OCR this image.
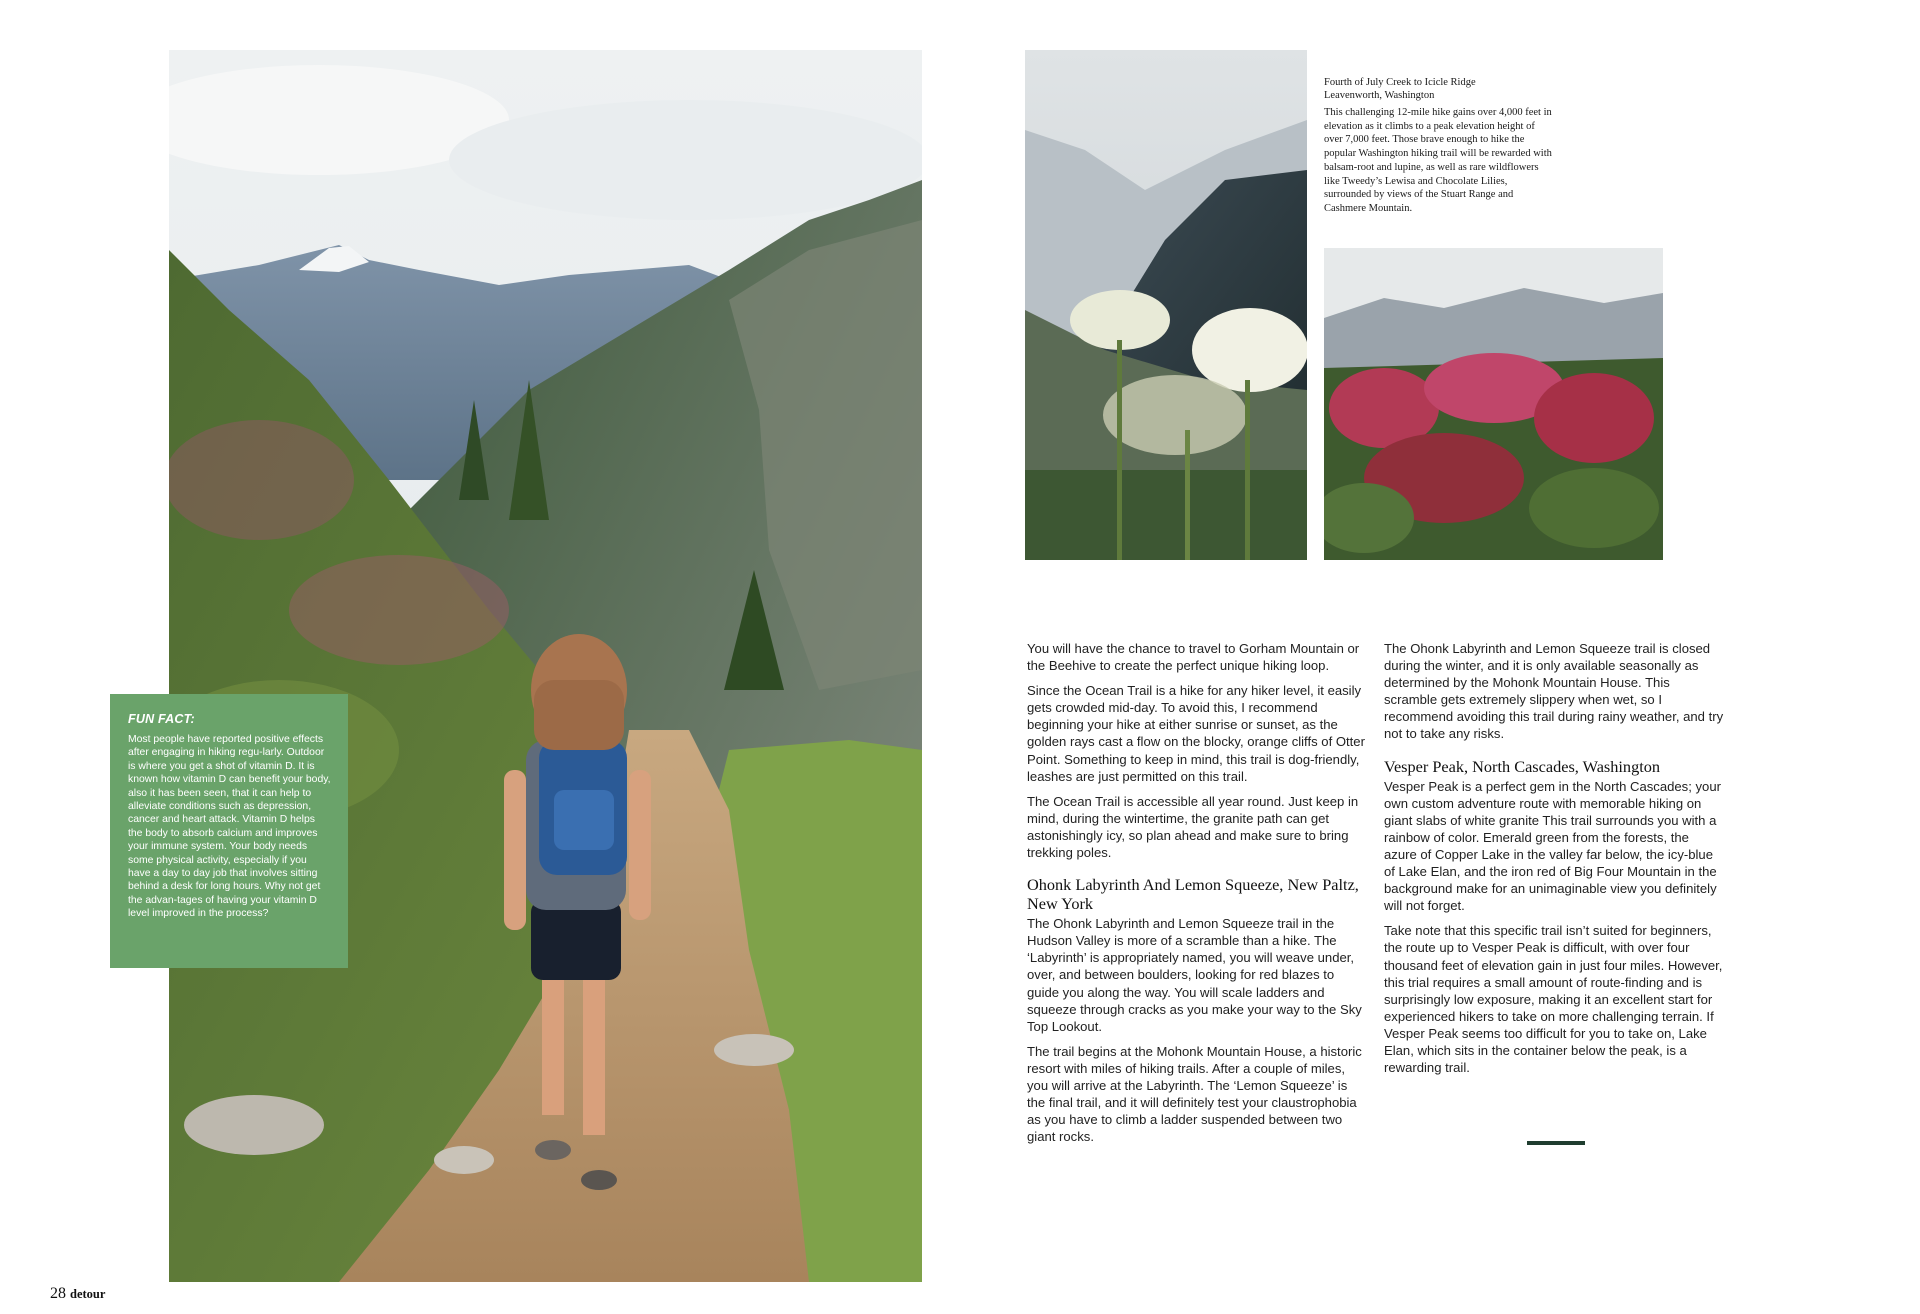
FUN FACT:

Most people have reported positive effects after engaging in hiking regu-larly. Outdoor is where you get a shot of vitamin D. It is known how vitamin D can benefit your body, also it has been seen, that it can help to alleviate conditions such as depression, cancer and heart attack. Vitamin D helps the body to absorb calcium and improves your immune system. Your body needs some physical activity, especially if you have a day to day job that involves sitting behind a desk for long hours. Why not get the advan-tages of having your vitamin D level improved in the process?

28 detour

Fourth of July Creek to Icicle Ridge

Leavenworth, Washington

This challenging 12-mile hike gains over 4,000 feet in elevation as it climbs to a peak elevation height of over 7,000 feet. Those brave enough to hike the popular Washington hiking trail will be rewarded with balsam-root and lupine, as well as rare wildflowers like Tweedy’s Lewisa and Chocolate Lilies, surrounded by views of the Stuart Range and Cashmere Mountain.

You will have the chance to travel to Gorham Mountain or the Beehive to create the perfect unique hiking loop.

Since the Ocean Trail is a hike for any hiker level, it easily gets crowded mid-day. To avoid this, I recommend beginning your hike at either sunrise or sunset, as the golden rays cast a flow on the blocky, orange cliffs of Otter Point. Something to keep in mind, this trail is dog-friendly, leashes are just permitted on this trail.

The Ocean Trail is accessible all year round. Just keep in mind, during the wintertime, the granite path can get astonishingly icy, so plan ahead and make sure to bring trekking poles.

Ohonk Labyrinth And Lemon Squeeze, New Paltz, New York

The Ohonk Labyrinth and Lemon Squeeze trail in the Hudson Valley is more of a scramble than a hike. The ‘Labyrinth’ is appropriately named, you will weave under, over, and between boulders, looking for red blazes to guide you along the way. You will scale ladders and squeeze through cracks as you make your way to the Sky Top Lookout.

The trail begins at the Mohonk Mountain House, a historic resort with miles of hiking trails. After a couple of miles, you will arrive at the Labyrinth. The ‘Lemon Squeeze’ is the final trail, and it will definitely test your claustrophobia as you have to climb a ladder suspended between two giant rocks.

The Ohonk Labyrinth and Lemon Squeeze trail is closed during the winter, and it is only available seasonally as determined by the Mohonk Mountain House. This scramble gets extremely slippery when wet, so I recommend avoiding this trail during rainy weather, and try not to take any risks.

Vesper Peak, North Cascades, Washington

Vesper Peak is a perfect gem in the North Cascades; your own custom adventure route with memorable hiking on giant slabs of white granite This trail surrounds you with a rainbow of color. Emerald green from the forests, the azure of Copper Lake in the valley far below, the icy-blue of Lake Elan, and the iron red of Big Four Mountain in the background make for an unimaginable view you definitely will not forget.

Take note that this specific trail isn’t suited for beginners, the route up to Vesper Peak is difficult, with over four thousand feet of elevation gain in just four miles. However, this trial requires a small amount of route-finding and is surprisingly low exposure, making it an excellent start for experienced hikers to take on more challenging terrain. If Vesper Peak seems too difficult for you to take on, Lake Elan, which sits in the container below the peak, is a rewarding trail.
